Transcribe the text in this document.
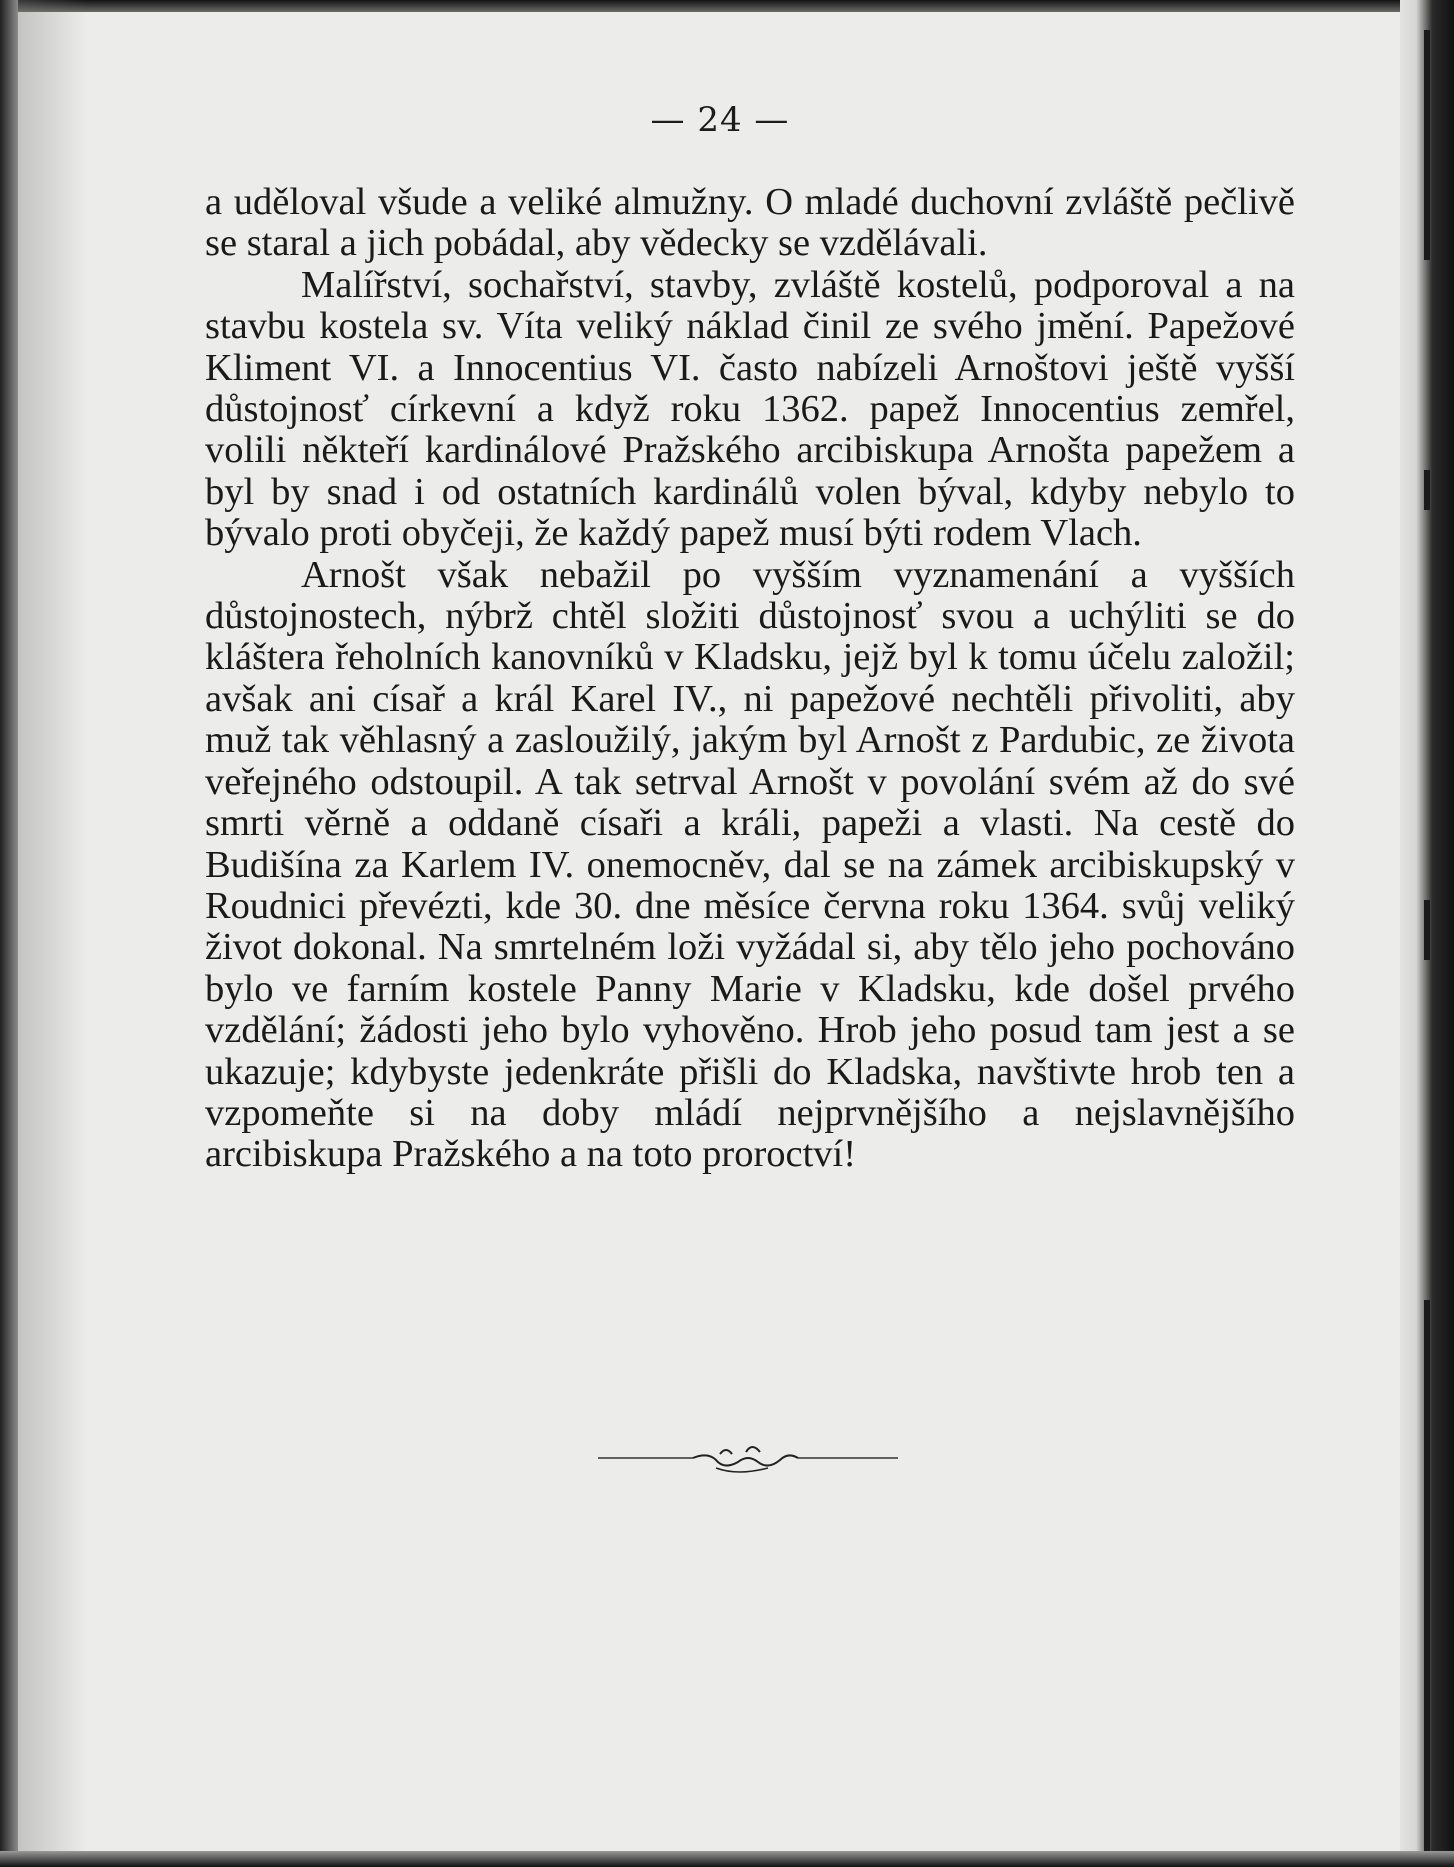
— 24 —

a uděloval všude a veliké almužny. O mladé duchovní zvláště pečlivě se staral a jich pobádal, aby vědecky se vzdělávali.

Malířství, sochařství, stavby, zvláště kostelů, podporoval a na stavbu kostela sv. Víta veliký náklad činil ze svého jmění. Papežové Kliment VI. a Innocentius VI. často nabízeli Arnoštovi ještě vyšší důstojnosť církevní a když roku 1362. papež Innocentius zemřel, volili někteří kardinálové Pražského arcibiskupa Arnošta papežem a byl by snad i od ostatních kardinálů volen býval, kdyby nebylo to bývalo proti obyčeji, že každý papež musí býti rodem Vlach.

Arnošt však nebažil po vyšším vyznamenání a vyšších důstojnostech, nýbrž chtěl složiti důstojnosť svou a uchýliti se do kláštera řeholních kanovníků v Kladsku, jejž byl k tomu účelu založil; avšak ani císař a král Karel IV., ni papežové nechtěli přivoliti, aby muž tak věhlasný a zasloužilý, jakým byl Arnošt z Pardubic, ze života veřejného odstoupil. A tak setrval Arnošt v povolání svém až do své smrti věrně a oddaně císaři a králi, papeži a vlasti. Na cestě do Budišína za Karlem IV. onemocněv, dal se na zámek arcibiskupský v Roudnici převézti, kde 30. dne měsíce června roku 1364. svůj veliký život dokonal. Na smrtelném loži vyžádal si, aby tělo jeho pochováno bylo ve farním kostele Panny Marie v Kladsku, kde došel prvého vzdělání; žádosti jeho bylo vyhověno. Hrob jeho posud tam jest a se ukazuje; kdybyste jedenkráte přišli do Kladska, navštivte hrob ten a vzpomeňte si na doby mládí nejprvnějšího a nejslavnějšího arcibiskupa Pražského a na toto proroctví!
